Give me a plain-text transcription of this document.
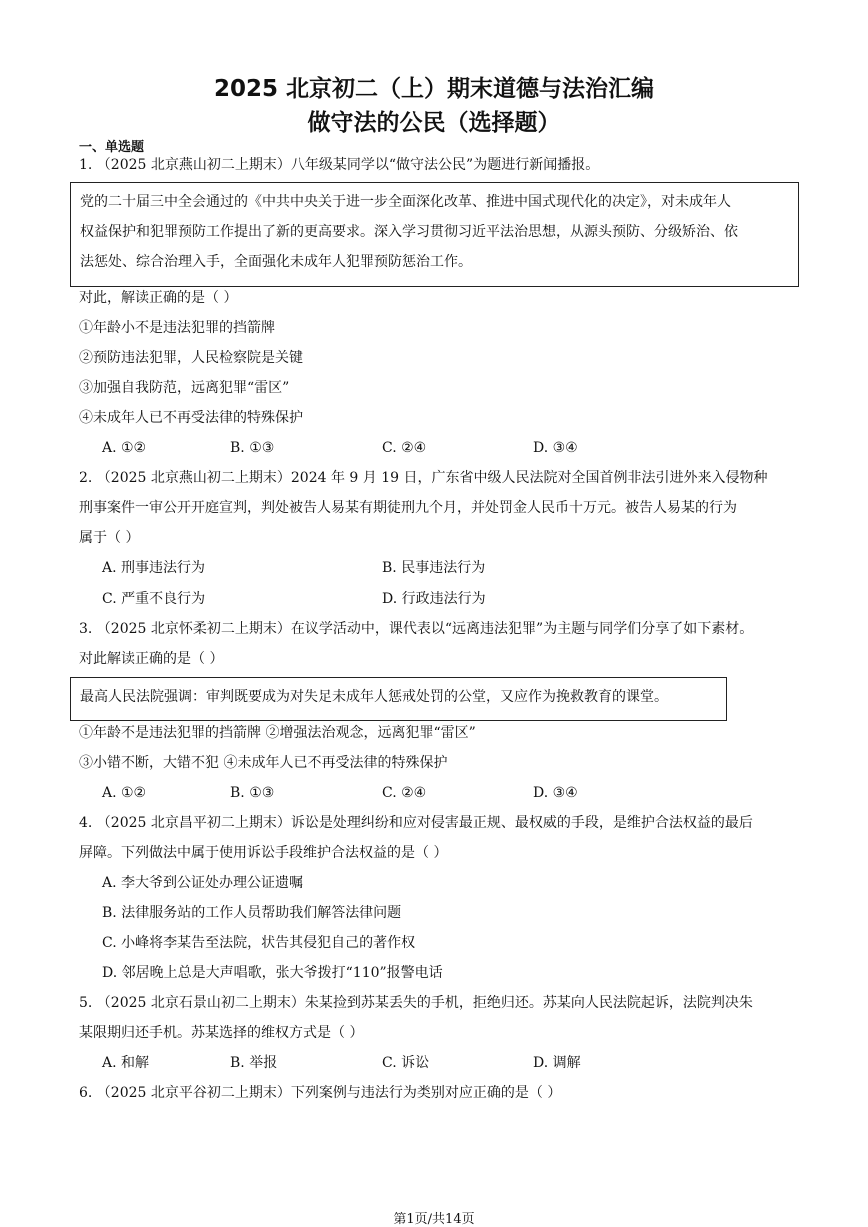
2025 北京初二（上）期末道德与法治汇编
做守法的公民（选择题）
一、单选题
1. （2025 北京燕山初二上期末）八年级某同学以“做守法公民”为题进行新闻播报。
党的二十届三中全会通过的《中共中央关于进一步全面深化改革、推进中国式现代化的决定》，对未成年人
权益保护和犯罪预防工作提出了新的更高要求。深入学习贯彻习近平法治思想，从源头预防、分级矫治、依
法惩处、综合治理入手，全面强化未成年人犯罪预防惩治工作。
对此，解读正确的是（ ）
①年龄小不是违法犯罪的挡箭牌
②预防违法犯罪，人民检察院是关键
③加强自我防范，远离犯罪“雷区”
④未成年人已不再受法律的特殊保护
A. ①②	B. ①③	C. ②④	D. ③④
2. （2025 北京燕山初二上期末）2024 年 9 月 19 日，广东省中级人民法院对全国首例非法引进外来入侵物种
刑事案件一审公开开庭宣判，判处被告人易某有期徒刑九个月，并处罚金人民币十万元。被告人易某的行为
属于（ ）
A. 刑事违法行为	B. 民事违法行为
C. 严重不良行为	D. 行政违法行为
3. （2025 北京怀柔初二上期末）在议学活动中，课代表以“远离违法犯罪”为主题与同学们分享了如下素材。
对此解读正确的是（ ）
最高人民法院强调：审判既要成为对失足未成年人惩戒处罚的公堂，又应作为挽救教育的课堂。
①年龄不是违法犯罪的挡箭牌 ②增强法治观念，远离犯罪“雷区”
③小错不断，大错不犯 ④未成年人已不再受法律的特殊保护
A. ①②	B. ①③	C. ②④	D. ③④
4. （2025 北京昌平初二上期末）诉讼是处理纠纷和应对侵害最正规、最权威的手段，是维护合法权益的最后
屏障。下列做法中属于使用诉讼手段维护合法权益的是（ ）
A. 李大爷到公证处办理公证遗嘱
B. 法律服务站的工作人员帮助我们解答法律问题
C. 小峰将李某告至法院，状告其侵犯自己的著作权
D. 邻居晚上总是大声唱歌，张大爷拨打“110”报警电话
5. （2025 北京石景山初二上期末）朱某捡到苏某丢失的手机，拒绝归还。苏某向人民法院起诉，法院判决朱
某限期归还手机。苏某选择的维权方式是（ ）
A. 和解	B. 举报	C. 诉讼	D. 调解
6. （2025 北京平谷初二上期末）下列案例与违法行为类别对应正确的是（ ）
第1页/共14页
